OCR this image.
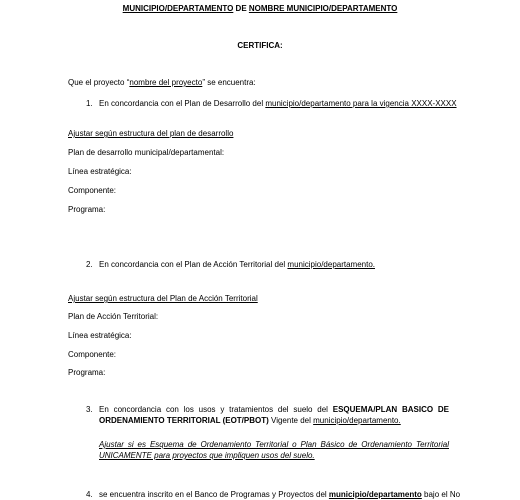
MUNICIPIO/DEPARTAMENTO DE NOMBRE MUNICIPIO/DEPARTAMENTO
CERTIFICA:
Que el proyecto “nombre del proyecto” se encuentra:
1. En concordancia con el Plan de Desarrollo del municipio/departamento para la vigencia XXXX-XXXX
Ajustar según estructura del plan de desarrollo
Plan de desarrollo municipal/departamental:
Línea estratégica:
Componente:
Programa:
2. En concordancia con el Plan de Acción Territorial del municipio/departamento.
Ajustar según estructura del Plan de Acción Territorial
Plan de Acción Territorial:
Línea estratégica:
Componente:
Programa:
3. En concordancia con los usos y tratamientos del suelo del ESQUEMA/PLAN BASICO DE ORDENAMIENTO TERRITORIAL (EOT/PBOT) Vigente del municipio/departamento.
Ajustar si es Esquema de Ordenamiento Territorial o Plan Básico de Ordenamiento Territorial UNICAMENTE para proyectos que impliquen usos del suelo.
4. se encuentra inscrito en el Banco de Programas y Proyectos del municipio/departamento bajo el No
